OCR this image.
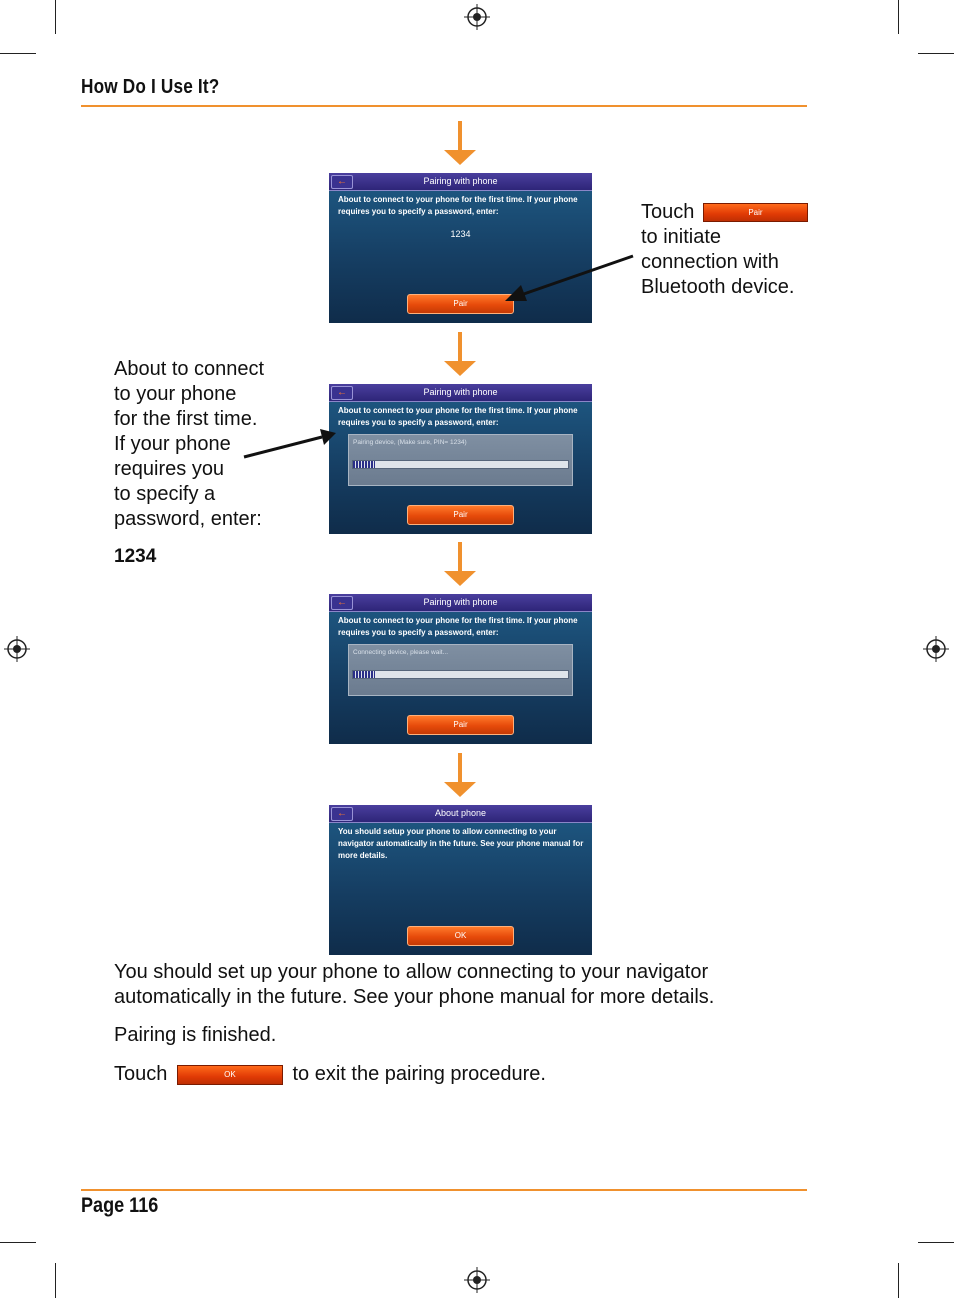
How Do I Use It?
←	Pairing with phone
About to connect to your phone for the first time. If your phone requires you to specify a password, enter:
1234
Pair
←	Pairing with phone
About to connect to your phone for the first time. If your phone requires you to specify a password, enter:
Pairing device, (Make sure, PIN= 1234)
Pair
←	Pairing with phone
About to connect to your phone for the first time. If your phone requires you to specify a password, enter:
Connecting device, please wait...
Pair
←	About phone
You should setup your phone to allow connecting to your navigator automatically in the future. See your phone manual for more details.
OK
Touch	Pair
to initiate
connection with
Bluetooth device.
About to connect
to your phone
for the first time.
If your phone
requires you
to specify a
password, enter:
1234
You should set up your phone to allow connecting to your navigator
automatically in the future. See your phone manual for more details.
Pairing is finished.
Touch	OK	to exit the pairing procedure.
Page 116
